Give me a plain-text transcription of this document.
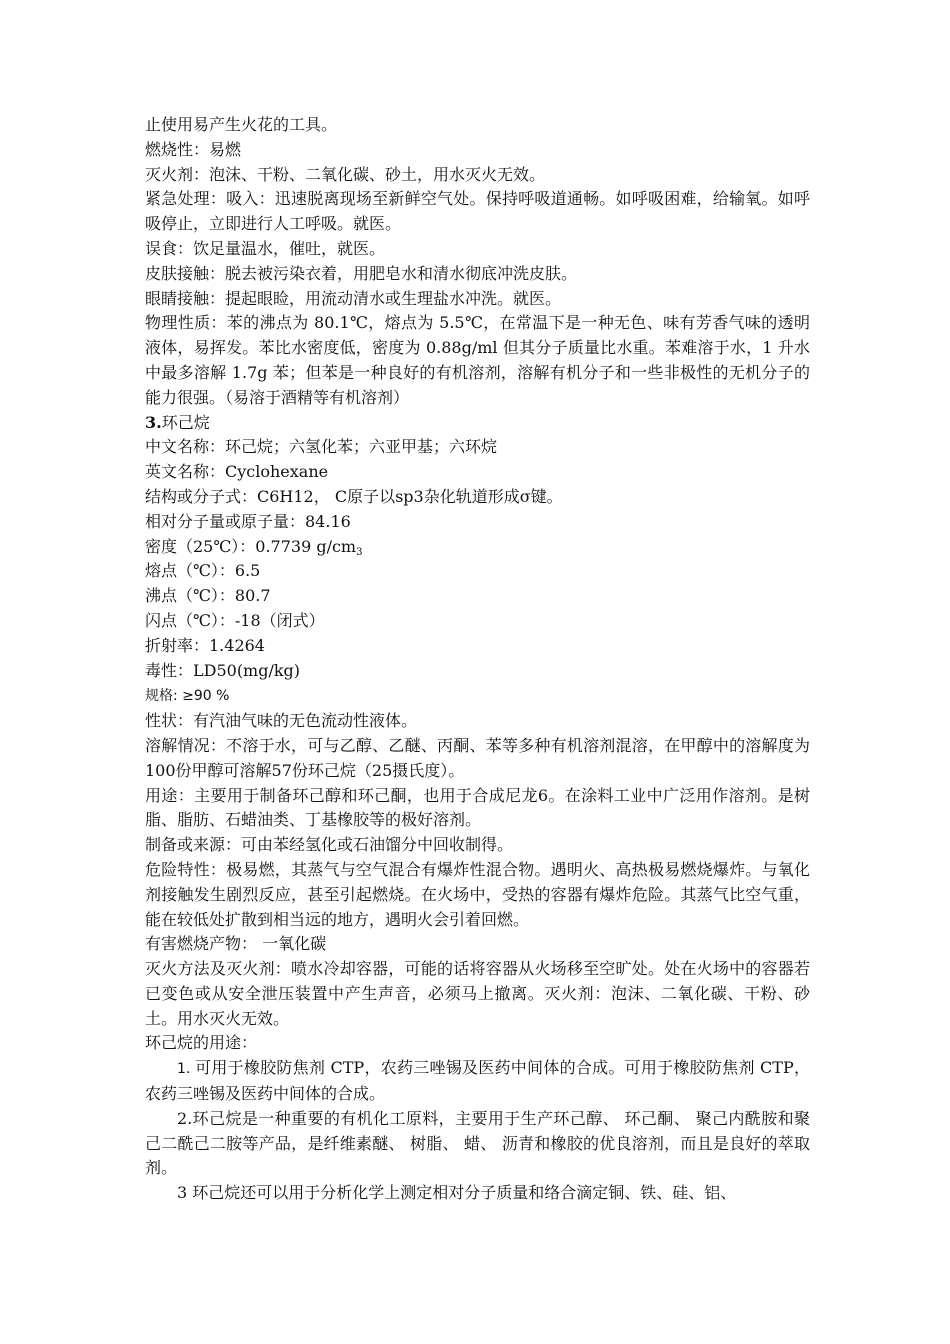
止使用易产生火花的工具。

燃烧性：易燃

灭火剂：泡沫、干粉、二氧化碳、砂土，用水灭火无效。

紧急处理：吸入：迅速脱离现场至新鲜空气处。保持呼吸道通畅。如呼吸困难，给输氧。如呼吸停止，立即进行人工呼吸。就医。

误食：饮足量温水，催吐，就医。

皮肤接触：脱去被污染衣着，用肥皂水和清水彻底冲洗皮肤。

眼睛接触：提起眼睑，用流动清水或生理盐水冲洗。就医。

物理性质：苯的沸点为 80.1℃，熔点为 5.5℃，在常温下是一种无色、味有芳香气味的透明液体，易挥发。苯比水密度低，密度为 0.88g/ml 但其分子质量比水重。苯难溶于水，1 升水中最多溶解 1.7g 苯；但苯是一种良好的有机溶剂，溶解有机分子和一些非极性的无机分子的能力很强。（易溶于酒精等有机溶剂）

3.环己烷

中文名称：环己烷；六氢化苯；六亚甲基；六环烷

英文名称：Cyclohexane

结构或分子式：C6H12， C原子以sp3杂化轨道形成σ键。

相对分子量或原子量：84.16

密度（25℃）：0.7739 $g/cm_3$

熔点（℃）：6.5

沸点（℃）：80.7

闪点（℃）：-18（闭式）

折射率：1.4264

毒性：LD50(mg/kg)

规格: ≥90 %

性状：有汽油气味的无色流动性液体。

溶解情况：不溶于水，可与乙醇、乙醚、丙酮、苯等多种有机溶剂混溶，在甲醇中的溶解度为100份甲醇可溶解57份环己烷（25摄氏度）。

用途：主要用于制备环己醇和环己酮，也用于合成尼龙6。在涂料工业中广泛用作溶剂。是树脂、脂肪、石蜡油类、丁基橡胶等的极好溶剂。

制备或来源：可由苯经氢化或石油馏分中回收制得。

危险特性：极易燃，其蒸气与空气混合有爆炸性混合物。遇明火、高热极易燃烧爆炸。与氧化剂接触发生剧烈反应，甚至引起燃烧。在火场中，受热的容器有爆炸危险。其蒸气比空气重，能在较低处扩散到相当远的地方，遇明火会引着回燃。

有害燃烧产物： 一氧化碳

灭火方法及灭火剂：喷水冷却容器，可能的话将容器从火场移至空旷处。处在火场中的容器若已变色或从安全泄压装置中产生声音，必须马上撤离。灭火剂：泡沫、二氧化碳、干粉、砂土。用水灭火无效。

环己烷的用途：

1. 可用于橡胶防焦剂 CTP，农药三唑锡及医药中间体的合成。可用于橡胶防焦剂 CTP，农药三唑锡及医药中间体的合成。

2.环己烷是一种重要的有机化工原料，主要用于生产环己醇、 环己酮、 聚己内酰胺和聚己二酰己二胺等产品，是纤维素醚、 树脂、 蜡、 沥青和橡胶的优良溶剂，而且是良好的萃取剂。

3 环己烷还可以用于分析化学上测定相对分子质量和络合滴定铜、铁、硅、铝、
